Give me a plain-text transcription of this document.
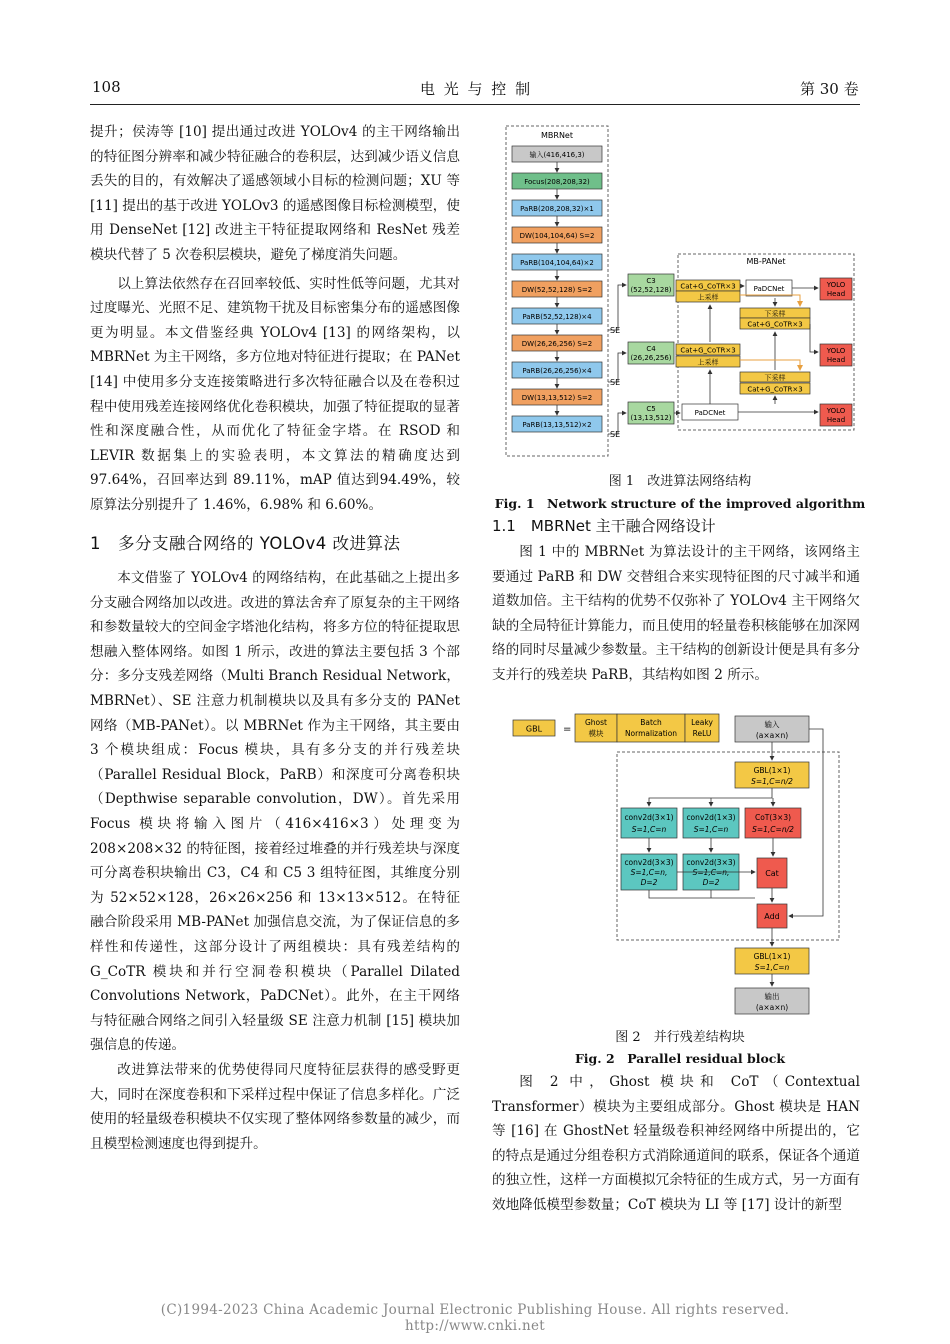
108	电 光 与 控 制	第 30 卷

提升；侯涛等 [10] 提出通过改进 YOLOv4 的主干网络输出的特征图分辨率和减少特征融合的卷积层，达到减少语义信息丢失的目的，有效解决了遥感领域小目标的检测问题；XU 等 [11] 提出的基于改进 YOLOv3 的遥感图像目标检测模型，使用 DenseNet [12] 改进主干特征提取网络和 ResNet 残差模块代替了 5 次卷积层模块，避免了梯度消失问题。

以上算法依然存在召回率较低、实时性低等问题，尤其对过度曝光、光照不足、建筑物干扰及目标密集分布的遥感图像更为明显。本文借鉴经典 YOLOv4 [13] 的网络架构，以 MBRNet 为主干网络，多方位地对特征进行提取；在 PANet [14] 中使用多分支连接策略进行多次特征融合以及在卷积过程中使用残差连接网络优化卷积模块，加强了特征提取的显著性和深度融合性，从而优化了特征金字塔。在 RSOD 和 LEVIR 数据集上的实验表明，本文算法的精确度达到 97.64%，召回率达到 89.11%，mAP 值达到94.49%，较原算法分别提升了 1.46%，6.98% 和 6.60%。

1　多分支融合网络的 YOLOv4 改进算法

本文借鉴了 YOLOv4 的网络结构，在此基础之上提出多分支融合网络加以改进。改进的算法舍弃了原复杂的主干网络和参数量较大的空间金字塔池化结构，将多方位的特征提取思想融入整体网络。如图 1 所示，改进的算法主要包括 3 个部分：多分支残差网络（Multi Branch Residual Network，MBRNet）、SE 注意力机制模块以及具有多分支的 PANet 网络（MB-PANet）。以 MBRNet 作为主干网络，其主要由 3 个模块组成：Focus 模块，具有多分支的并行残差块（Parallel Residual Block，PaRB）和深度可分离卷积块（Depthwise separable convolution，DW）。首先采用 Focus 模块将输入图片（416×416×3）处理变为 208×208×32 的特征图，接着经过堆叠的并行残差块与深度可分离卷积块输出 C3，C4 和 C5 3 组特征图，其维度分别为 52×52×128，26×26×256 和 13×13×512。在特征融合阶段采用 MB-PANet 加强信息交流，为了保证信息的多样性和传递性，这部分设计了两组模块：具有残差结构的 G_CoTR 模块和并行空洞卷积模块（Parallel Dilated Convolutions Network，PaDCNet）。此外，在主干网络与特征融合网络之间引入轻量级 SE 注意力机制 [15] 模块加强信息的传递。

改进算法带来的优势使得同尺度特征层获得的感受野更大，同时在深度卷积和下采样过程中保证了信息多样化。广泛使用的轻量级卷积模块不仅实现了整体网络参数量的减少，而且模型检测速度也得到提升。

MBRNet
输入(416,416,3)
Focus(208,208,32)
PaRB(208,208,32)×1
DW(104,104,64) S=2
PaRB(104,104,64)×2
DW(52,52,128) S=2
PaRB(52,52,128)×4
DW(26,26,256) S=2
PaRB(26,26,256)×4
DW(13,13,512) S=2
PaRB(13,13,512)×2
SE
SE
SE
C3
(52,52,128)
C4
(26,26,256)
C5
(13,13,512)
MB-PANet
Cat+G_CoTR×3
上采样
Cat+G_CoTR×3
上采样
PaDCNet
PaDCNet
下采样
Cat+G_CoTR×3
下采样
Cat+G_CoTR×3
YOLO
Head
YOLO
Head
YOLO
Head
图 1　改进算法网络结构
Fig. 1　Network structure of the improved algorithm
1.1　MBRNet 主干融合网络设计

图 1 中的 MBRNet 为算法设计的主干网络，该网络主要通过 PaRB 和 DW 交替组合来实现特征图的尺寸减半和通道数加倍。主干结构的优势不仅弥补了 YOLOv4 主干网络欠缺的全局特征计算能力，而且使用的轻量卷积核能够在加深网络的同时尽量减少参数量。主干结构的创新设计便是具有多分支并行的残差块 PaRB，其结构如图 2 所示。

GBL =
Ghost
模块
Batch
Normalization
Leaky
ReLU
输入
(a×a×n)
GBL(1×1)
S=1,C=n/2
conv2d(3×1)
S=1,C=n
conv2d(1×3)
S=1,C=n
CoT(3×3)
S=1,C=n/2
conv2d(3×3)
S=1,C=n,
D=2
conv2d(3×3)
S=1,C=n,
D=2
Cat
Add
GBL(1×1)
S=1,C=n
输出
(a×a×n)
图 2　并行残差结构块
Fig. 2　Parallel residual block

图 2 中，Ghost 模块和 CoT（Contextual Transformer）模块为主要组成部分。Ghost 模块是 HAN 等 [16] 在 GhostNet 轻量级卷积神经网络中所提出的，它的特点是通过分组卷积方式消除通道间的联系，保证各个通道的独立性，这样一方面模拟冗余特征的生成方式，另一方面有效地降低模型参数量；CoT 模块为 LI 等 [17] 设计的新型

(C)1994-2023 China Academic Journal Electronic Publishing House. All rights reserved.　　http://www.cnki.net
